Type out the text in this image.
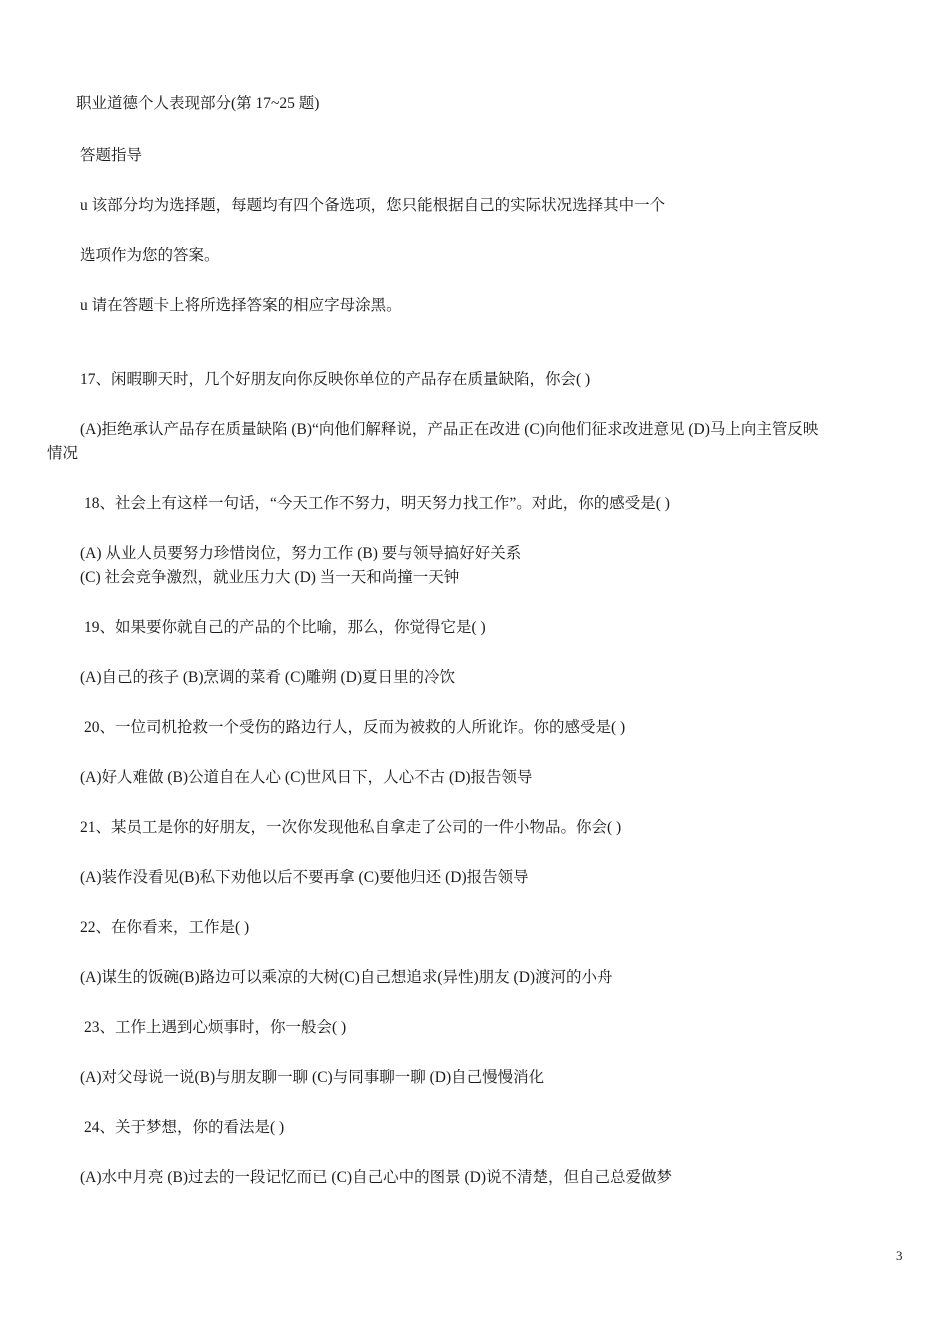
职业道德个人表现部分(第 17~25 题)
答题指导
u 该部分均为选择题，每题均有四个备选项，您只能根据自己的实际状况选择其中一个
选项作为您的答案。
u 请在答题卡上将所选择答案的相应字母涂黑。
17、闲暇聊天时，几个好朋友向你反映你单位的产品存在质量缺陷，你会( )
(A)拒绝承认产品存在质量缺陷 (B)“向他们解释说，产品正在改进 (C)向他们征求改进意见 (D)马上向主管反映
情况
18、社会上有这样一句话，“今天工作不努力，明天努力找工作”。对此，你的感受是( )
(A) 从业人员要努力珍惜岗位，努力工作 (B) 要与领导搞好好关系
(C) 社会竞争激烈，就业压力大 (D) 当一天和尚撞一天钟
19、如果要你就自己的产品的个比喻，那么，你觉得它是( )
(A)自己的孩子 (B)烹调的菜肴 (C)雕朔 (D)夏日里的冷饮
20、一位司机抢救一个受伤的路边行人，反而为被救的人所讹诈。你的感受是( )
(A)好人难做 (B)公道自在人心 (C)世风日下，人心不古 (D)报告领导
21、某员工是你的好朋友，一次你发现他私自拿走了公司的一件小物品。你会( )
(A)装作没看见(B)私下劝他以后不要再拿 (C)要他归还 (D)报告领导
22、在你看来，工作是( )
(A)谋生的饭碗(B)路边可以乘凉的大树(C)自己想追求(异性)朋友 (D)渡河的小舟
23、工作上遇到心烦事时，你一般会( )
(A)对父母说一说(B)与朋友聊一聊 (C)与同事聊一聊 (D)自己慢慢消化
24、关于梦想，你的看法是( )
(A)水中月亮 (B)过去的一段记忆而已 (C)自己心中的图景 (D)说不清楚，但自己总爱做梦
3
